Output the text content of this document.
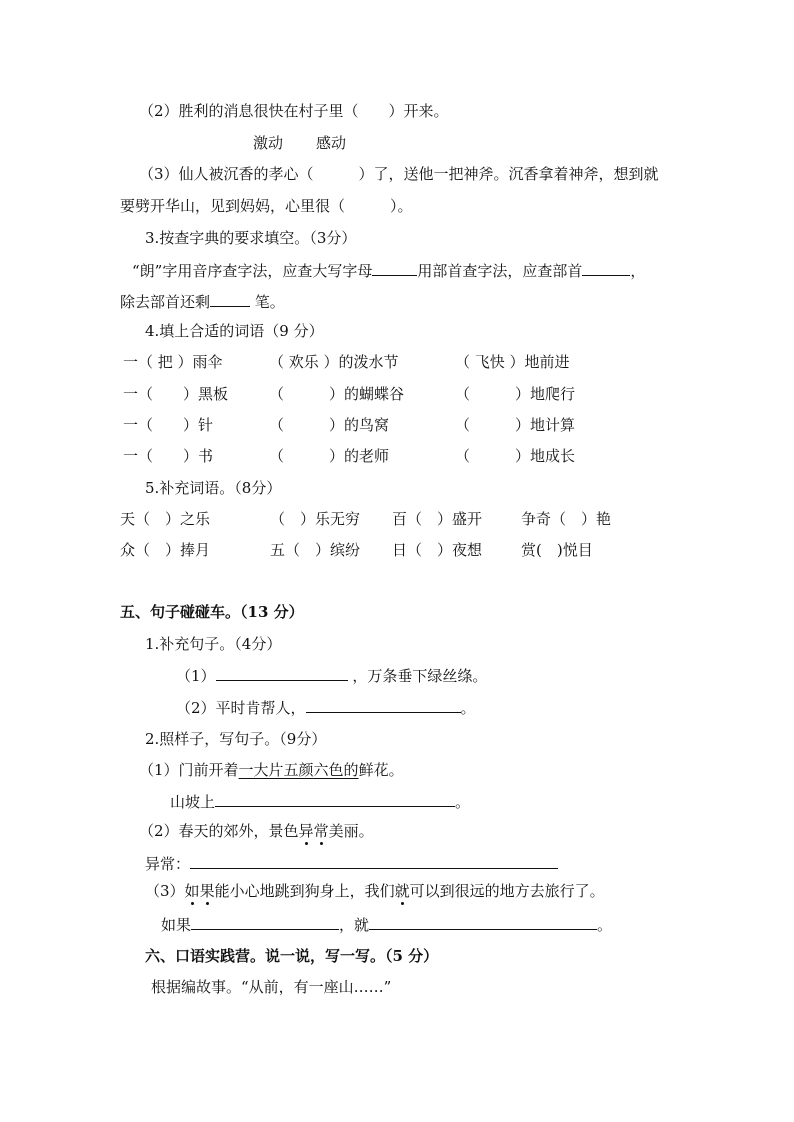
（2）胜利的消息很快在村子里（　　）开来。
激动 感动
（3）仙人被沉香的孝心（　　　）了，送他一把神斧。沉香拿着神斧，想到就
要劈开华山，见到妈妈，心里很（　　　）。
3.按查字典的要求填空。（3分）
“朗”字用音序查字法，应查大写字母	用部首查字法，应查部首	，
除去部首还剩	笔。
4.填上合适的词语（9 分）
一（ 把 ）雨伞	（ 欢乐 ）的泼水节	（ 飞快 ）地前进
一（　　）黑板	（　　　）的蝴蝶谷	（　　　）地爬行
一（　　）针	（　　　）的鸟窝	（　　　）地计算
一（　　）书	（　　　）的老师	（　　　）地成长
5.补充词语。（8分）
天（　）之乐	（　）乐无穷 百（　）盛开	争奇（　）艳
众（　）捧月	五（　）缤纷 日（　）夜想	赏(　)悦目
五、句子碰碰车。（13 分）
1.补充句子。（4分）
（1）	，万条垂下绿丝绦。
（2）平时肯帮人，	。
2.照样子，写句子。（9分）
（1）门前开着一大片五颜六色的鲜花。
山坡上	。
（2）春天的郊外，景色异常美丽。
异常：
（3）如果能小心地跳到狗身上，我们就可以到很远的地方去旅行了。
如果	，就	。
六、口语实践营。说一说，写一写。（5 分）
根据编故事。“从前，有一座山……”
